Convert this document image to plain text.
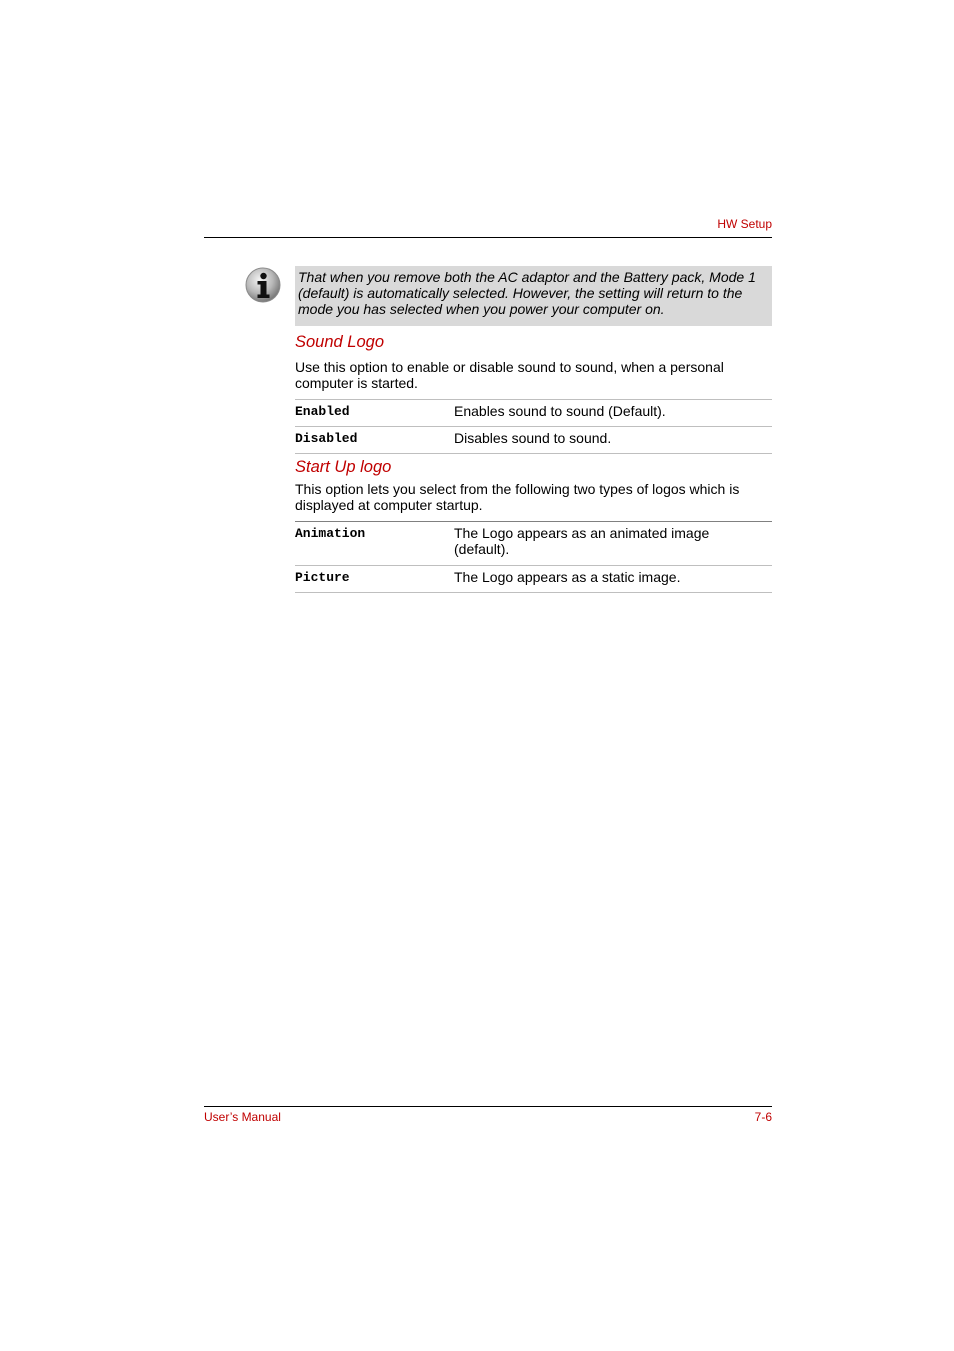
HW Setup
That when you remove both the AC adaptor and the Battery pack, Mode 1 (default) is automatically selected. However, the setting will return to the mode you has selected when you power your computer on.
Sound Logo
Use this option to enable or disable sound to sound, when a personal computer is started.
Enabled	Enables sound to sound (Default).
Disabled	Disables sound to sound.
Start Up logo
This option lets you select from the following two types of logos which is displayed at computer startup.
Animation	The Logo appears as an animated image (default).
Picture	The Logo appears as a static image.
User’s Manual	7-6
